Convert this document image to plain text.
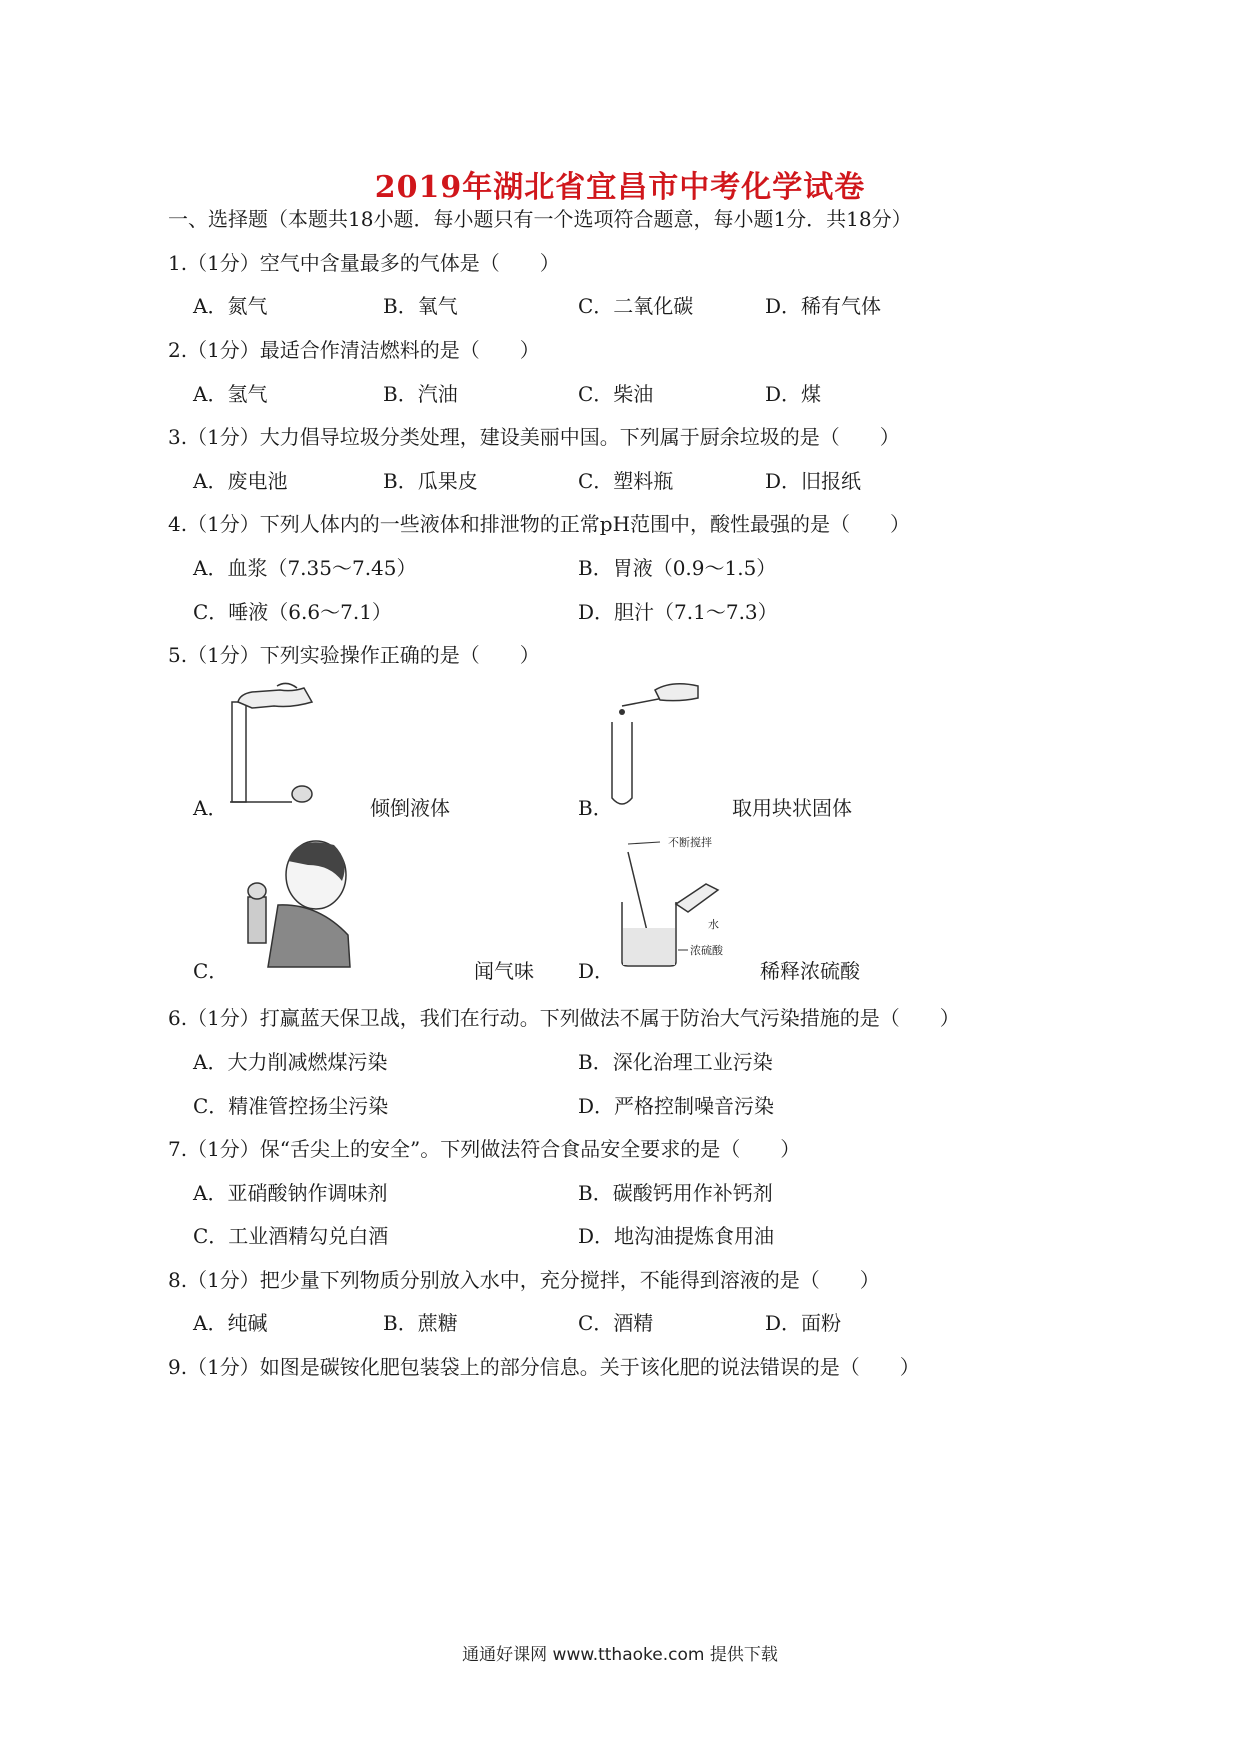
2019年湖北省宜昌市中考化学试卷
一、选择题（本题共18小题．每小题只有一个选项符合题意，每小题1分．共18分）
1.（1分）空气中含量最多的气体是（　　）
A．氮气	B．氧气	C．二氧化碳	D．稀有气体
2.（1分）最适合作清洁燃料的是（　　）
A．氢气	B．汽油	C．柴油	D．煤
3.（1分）大力倡导垃圾分类处理，建设美丽中国。下列属于厨余垃圾的是（　　）
A．废电池	B．瓜果皮	C．塑料瓶	D．旧报纸
4.（1分）下列人体内的一些液体和排泄物的正常pH范围中，酸性最强的是（　　）
A．血浆（7.35～7.45）	B．胃液（0.9～1.5）
C．唾液（6.6～7.1）	D．胆汁（7.1～7.3）
5.（1分）下列实验操作正确的是（　　）
A．	倾倒液体	B．	取用块状固体
C．	闻气味
不断搅拌
水
浓硫酸
D．	稀释浓硫酸
6.（1分）打赢蓝天保卫战，我们在行动。下列做法不属于防治大气污染措施的是（　　）
A．大力削减燃煤污染	B．深化治理工业污染
C．精准管控扬尘污染	D．严格控制噪音污染
7.（1分）保“舌尖上的安全”。下列做法符合食品安全要求的是（　　）
A．亚硝酸钠作调味剂	B．碳酸钙用作补钙剂
C．工业酒精勾兑白酒	D．地沟油提炼食用油
8.（1分）把少量下列物质分别放入水中，充分搅拌，不能得到溶液的是（　　）
A．纯碱	B．蔗糖	C．酒精	D．面粉
9.（1分）如图是碳铵化肥包装袋上的部分信息。关于该化肥的说法错误的是（　　）
通通好课网 www.tthaoke.com 提供下载
